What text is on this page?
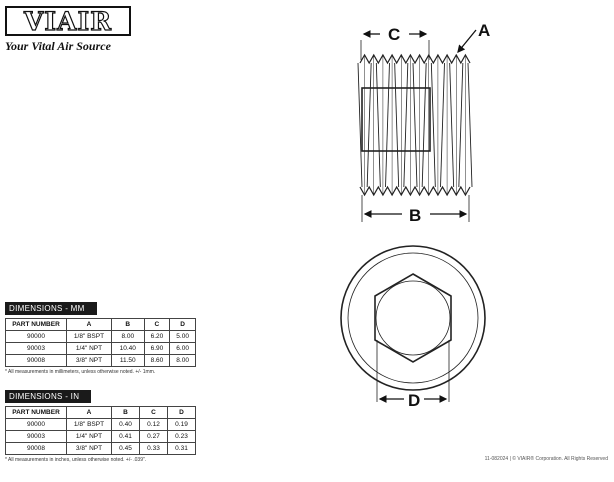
VIAIR
Your Vital Air Source
C	A
B
D
DIMENSIONS - MM
PART NUMBER	A	B	C	D
90000	1/8" BSPT	8.00	6.20	5.00
90003	1/4" NPT	10.40	6.90	6.00
90008	3/8" NPT	11.50	8.60	8.00
* All measurements in millimeters, unless otherwise noted. +/- 1mm.
DIMENSIONS - IN
PART NUMBER	A	B	C	D
90000	1/8" BSPT	0.40	0.12	0.19
90003	1/4" NPT	0.41	0.27	0.23
90008	3/8" NPT	0.45	0.33	0.31
* All measurements in inches, unless otherwise noted. +/- .039".	11-082024 | © VIAIR® Corporation. All Rights Reserved
